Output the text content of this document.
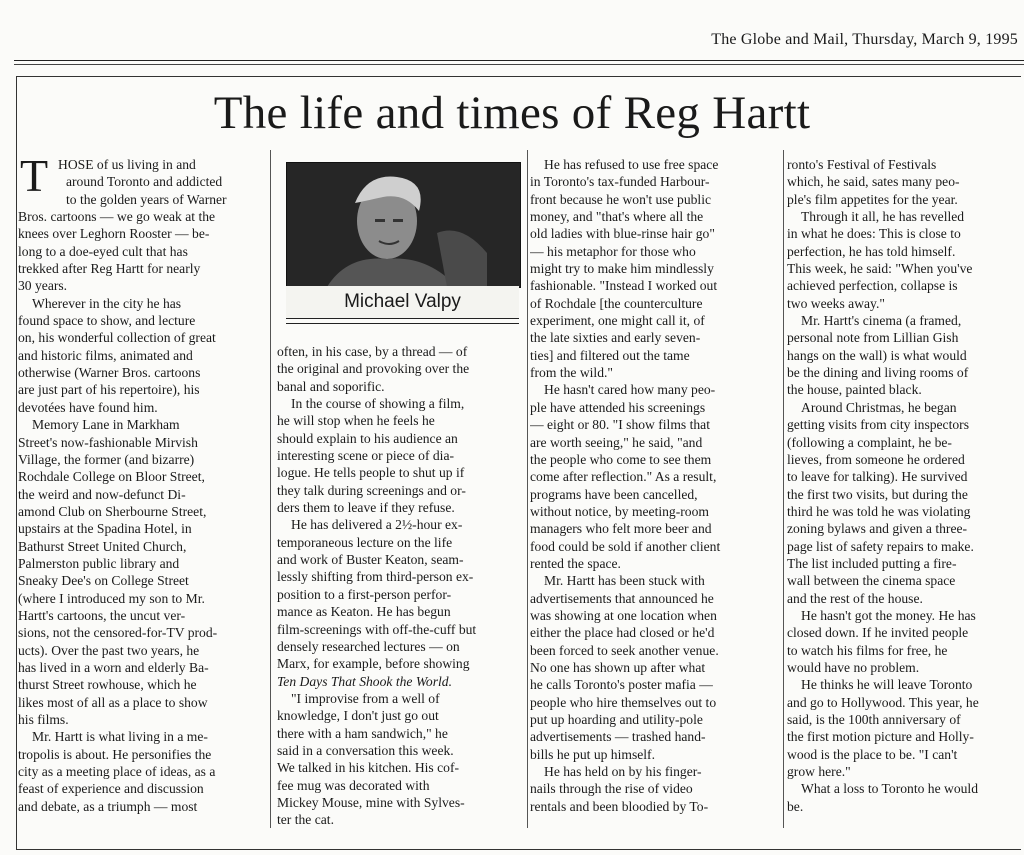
The Globe and Mail, Thursday, March 9, 1995
The life and times of Reg Hartt
Michael Valpy
T HOSE of us living in and
around Toronto and addicted
to the golden years of Warner
Bros. cartoons — we go weak at the
knees over Leghorn Rooster — be-
long to a doe-eyed cult that has
trekked after Reg Hartt for nearly
30 years.
Wherever in the city he has
found space to show, and lecture
on, his wonderful collection of great
and historic films, animated and
otherwise (Warner Bros. cartoons
are just part of his repertoire), his
devotées have found him.
Memory Lane in Markham
Street's now-fashionable Mirvish
Village, the former (and bizarre)
Rochdale College on Bloor Street,
the weird and now-defunct Di-
amond Club on Sherbourne Street,
upstairs at the Spadina Hotel, in
Bathurst Street United Church,
Palmerston public library and
Sneaky Dee's on College Street
(where I introduced my son to Mr.
Hartt's cartoons, the uncut ver-
sions, not the censored-for-TV prod-
ucts). Over the past two years, he
has lived in a worn and elderly Ba-
thurst Street rowhouse, which he
likes most of all as a place to show
his films.
Mr. Hartt is what living in a me-
tropolis is about. He personifies the
city as a meeting place of ideas, as a
feast of experience and discussion
and debate, as a triumph — most
often, in his case, by a thread — of
the original and provoking over the
banal and soporific.
In the course of showing a film,
he will stop when he feels he
should explain to his audience an
interesting scene or piece of dia-
logue. He tells people to shut up if
they talk during screenings and or-
ders them to leave if they refuse.
He has delivered a 2½-hour ex-
temporaneous lecture on the life
and work of Buster Keaton, seam-
lessly shifting from third-person ex-
position to a first-person perfor-
mance as Keaton. He has begun
film-screenings with off-the-cuff but
densely researched lectures — on
Marx, for example, before showing
Ten Days That Shook the World.
"I improvise from a well of
knowledge, I don't just go out
there with a ham sandwich," he
said in a conversation this week.
We talked in his kitchen. His cof-
fee mug was decorated with
Mickey Mouse, mine with Sylves-
ter the cat.
He has refused to use free space
in Toronto's tax-funded Harbour-
front because he won't use public
money, and "that's where all the
old ladies with blue-rinse hair go"
— his metaphor for those who
might try to make him mindlessly
fashionable. "Instead I worked out
of Rochdale [the counterculture
experiment, one might call it, of
the late sixties and early seven-
ties] and filtered out the tame
from the wild."
He hasn't cared how many peo-
ple have attended his screenings
— eight or 80. "I show films that
are worth seeing," he said, "and
the people who come to see them
come after reflection." As a result,
programs have been cancelled,
without notice, by meeting-room
managers who felt more beer and
food could be sold if another client
rented the space.
Mr. Hartt has been stuck with
advertisements that announced he
was showing at one location when
either the place had closed or he'd
been forced to seek another venue.
No one has shown up after what
he calls Toronto's poster mafia —
people who hire themselves out to
put up hoarding and utility-pole
advertisements — trashed hand-
bills he put up himself.
He has held on by his finger-
nails through the rise of video
rentals and been bloodied by To-
ronto's Festival of Festivals
which, he said, sates many peo-
ple's film appetites for the year.
Through it all, he has revelled
in what he does: This is close to
perfection, he has told himself.
This week, he said: "When you've
achieved perfection, collapse is
two weeks away."
Mr. Hartt's cinema (a framed,
personal note from Lillian Gish
hangs on the wall) is what would
be the dining and living rooms of
the house, painted black.
Around Christmas, he began
getting visits from city inspectors
(following a complaint, he be-
lieves, from someone he ordered
to leave for talking). He survived
the first two visits, but during the
third he was told he was violating
zoning bylaws and given a three-
page list of safety repairs to make.
The list included putting a fire-
wall between the cinema space
and the rest of the house.
He hasn't got the money. He has
closed down. If he invited people
to watch his films for free, he
would have no problem.
He thinks he will leave Toronto
and go to Hollywood. This year, he
said, is the 100th anniversary of
the first motion picture and Holly-
wood is the place to be. "I can't
grow here."
What a loss to Toronto he would
be.
